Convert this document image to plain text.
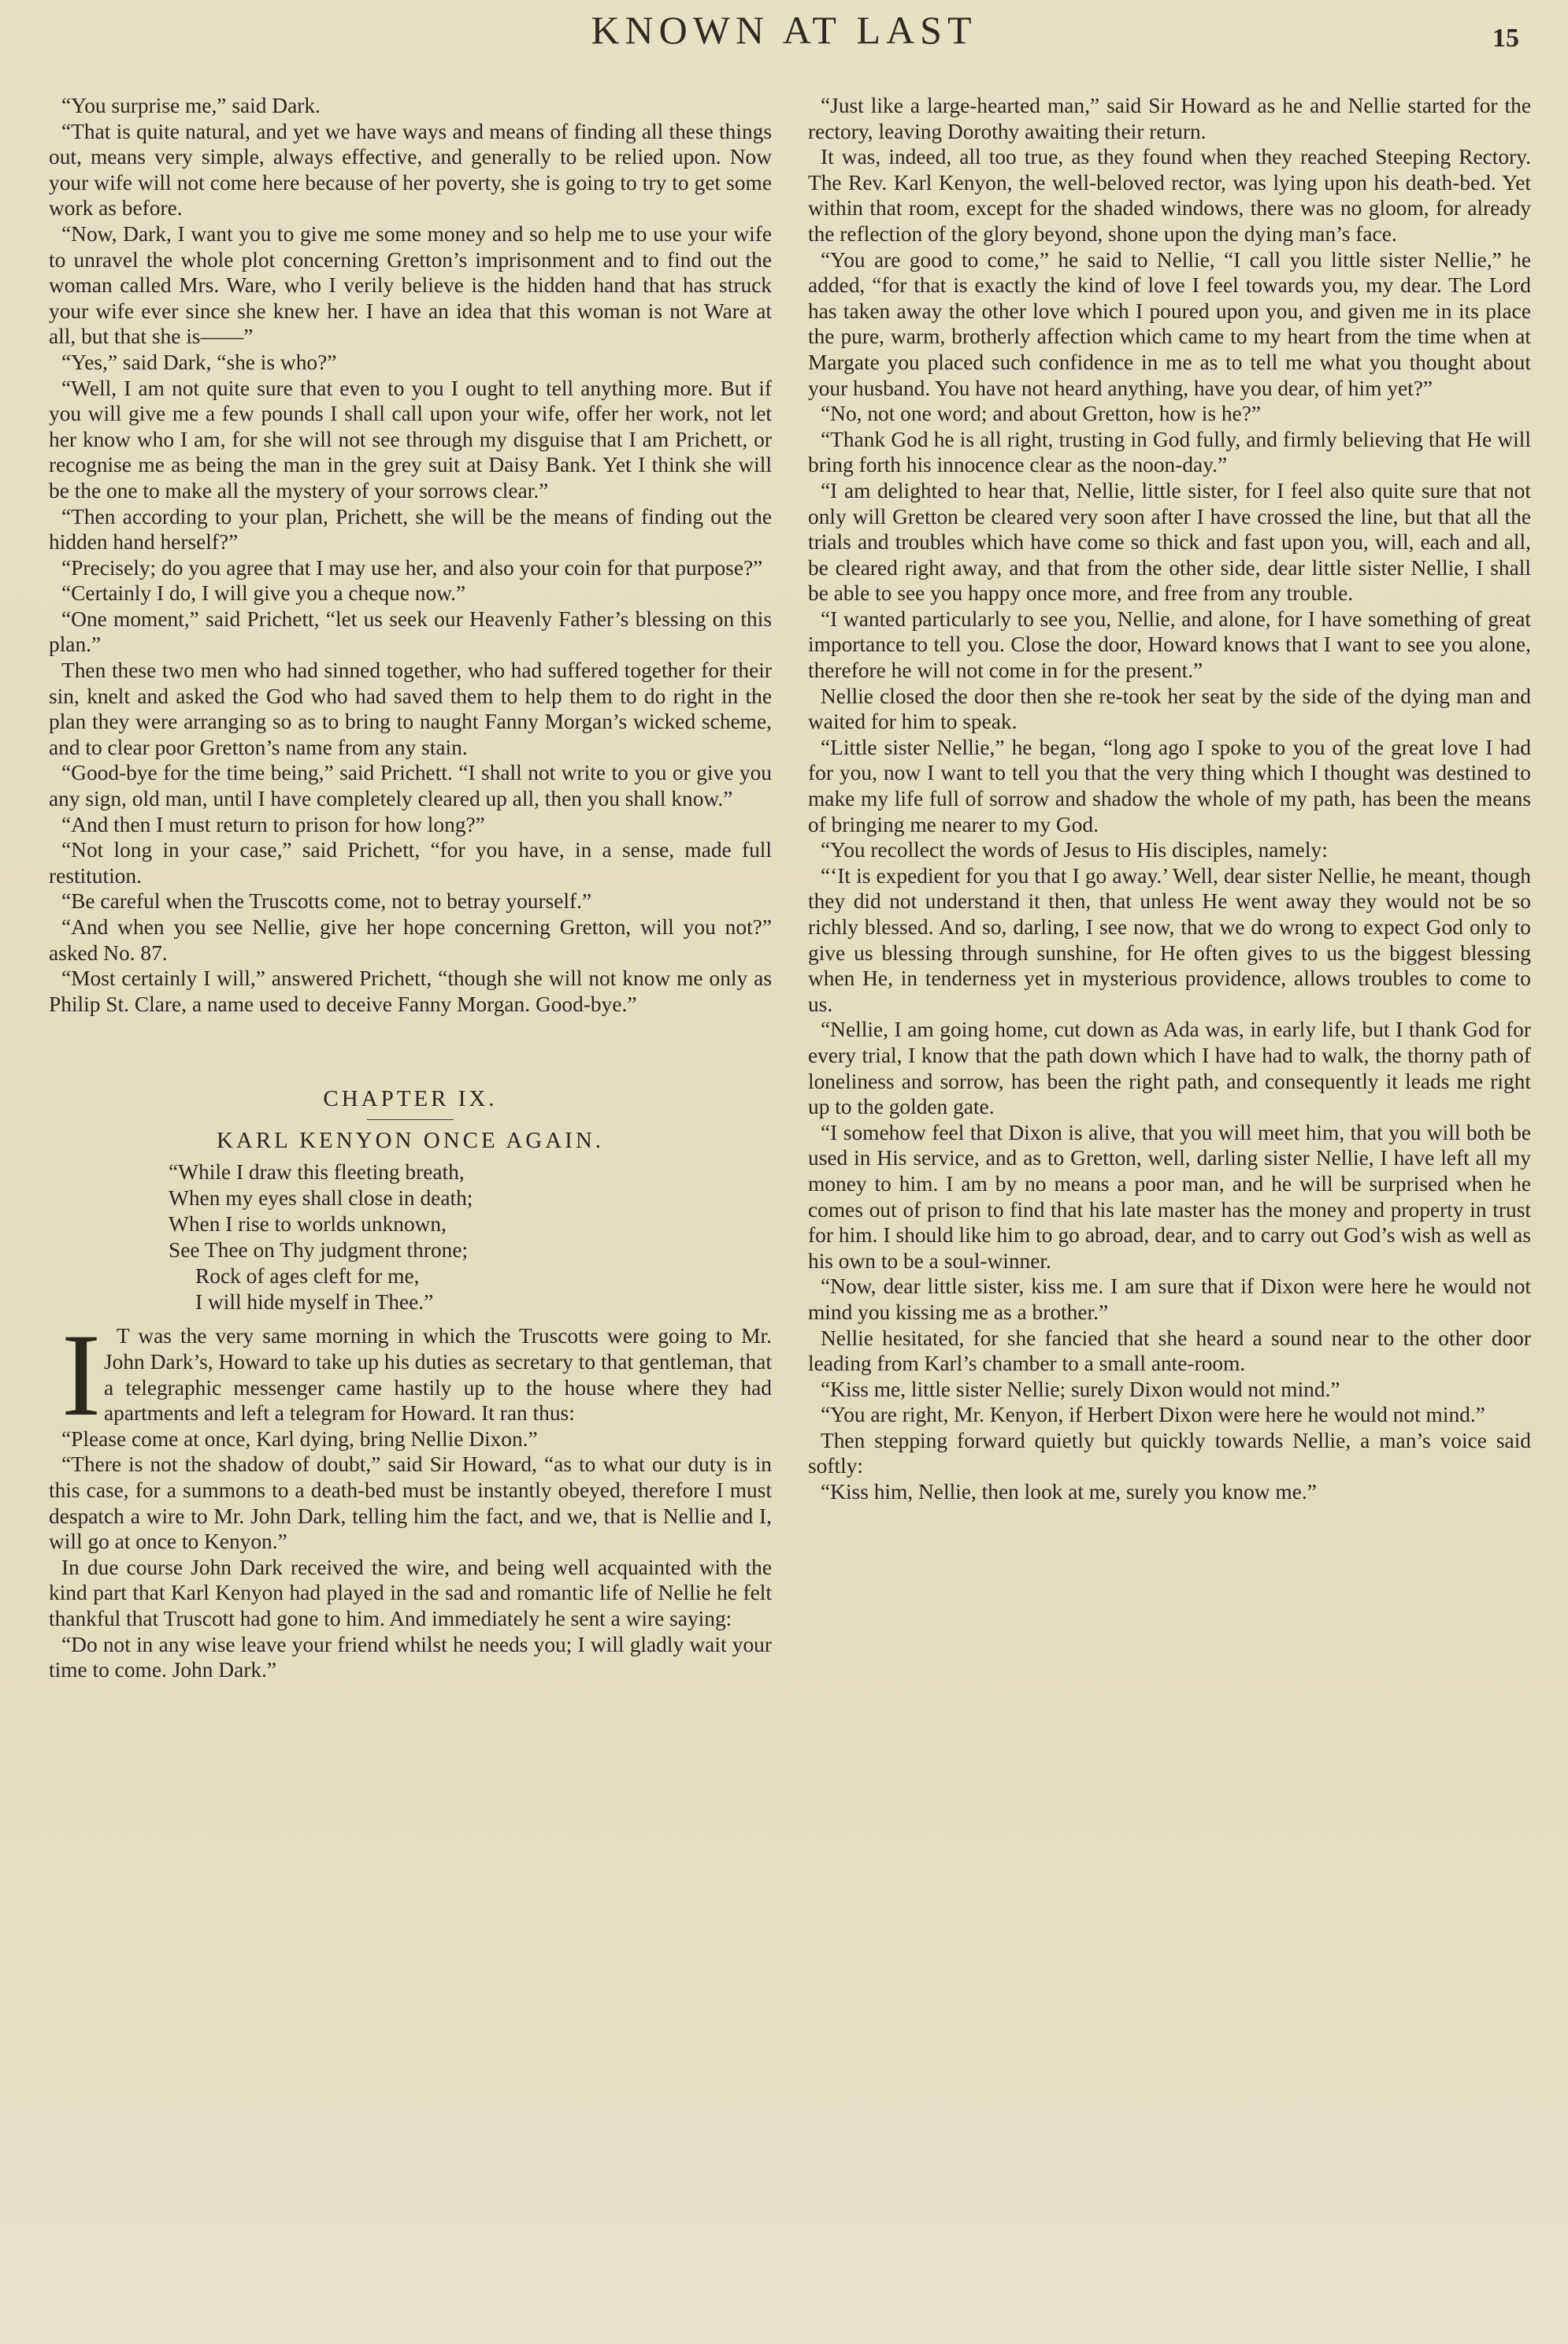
KNOWN AT LAST	15

“You surprise me,” said Dark.

“That is quite natural, and yet we have ways and means of finding all these things out, means very simple, always effective, and generally to be relied upon. Now your wife will not come here because of her poverty, she is going to try to get some work as before.

“Now, Dark, I want you to give me some money and so help me to use your wife to unravel the whole plot concerning Gretton’s imprisonment and to find out the woman called Mrs. Ware, who I verily believe is the hidden hand that has struck your wife ever since she knew her. I have an idea that this woman is not Ware at all, but that she is——”

“Yes,” said Dark, “she is who?”

“Well, I am not quite sure that even to you I ought to tell anything more. But if you will give me a few pounds I shall call upon your wife, offer her work, not let her know who I am, for she will not see through my disguise that I am Prichett, or recognise me as being the man in the grey suit at Daisy Bank. Yet I think she will be the one to make all the mystery of your sorrows clear.”

“Then according to your plan, Prichett, she will be the means of finding out the hidden hand herself?”

“Precisely; do you agree that I may use her, and also your coin for that purpose?”

“Certainly I do, I will give you a cheque now.”

“One moment,” said Prichett, “let us seek our Heavenly Father’s blessing on this plan.”

Then these two men who had sinned together, who had suffered together for their sin, knelt and asked the God who had saved them to help them to do right in the plan they were arranging so as to bring to naught Fanny Morgan’s wicked scheme, and to clear poor Gretton’s name from any stain.

“Good-bye for the time being,” said Prichett. “I shall not write to you or give you any sign, old man, until I have completely cleared up all, then you shall know.”

“And then I must return to prison for how long?”

“Not long in your case,” said Prichett, “for you have, in a sense, made full restitution.

“Be careful when the Truscotts come, not to betray yourself.”

“And when you see Nellie, give her hope concerning Gretton, will you not?” asked No. 87.

“Most certainly I will,” answered Prichett, “though she will not know me only as Philip St. Clare, a name used to deceive Fanny Morgan. Good-bye.”

CHAPTER IX.
KARL KENYON ONCE AGAIN.
“While I draw this fleeting breath,
When my eyes shall close in death;
When I rise to worlds unknown,
See Thee on Thy judgment throne;
Rock of ages cleft for me,
I will hide myself in Thee.”

I T was the very same morning in which the Truscotts were going to Mr. John Dark’s, Howard to take up his duties as secretary to that gentleman, that a telegraphic messenger came hastily up to the house where they had apartments and left a telegram for Howard. It ran thus:

“Please come at once, Karl dying, bring Nellie Dixon.”

“There is not the shadow of doubt,” said Sir Howard, “as to what our duty is in this case, for a summons to a death-bed must be instantly obeyed, therefore I must despatch a wire to Mr. John Dark, telling him the fact, and we, that is Nellie and I, will go at once to Kenyon.”

In due course John Dark received the wire, and being well acquainted with the kind part that Karl Kenyon had played in the sad and romantic life of Nellie he felt thankful that Truscott had gone to him. And immediately he sent a wire saying:

“Do not in any wise leave your friend whilst he needs you; I will gladly wait your time to come. John Dark.”

“Just like a large-hearted man,” said Sir Howard as he and Nellie started for the rectory, leaving Dorothy awaiting their return.

It was, indeed, all too true, as they found when they reached Steeping Rectory. The Rev. Karl Kenyon, the well-beloved rector, was lying upon his death-bed. Yet within that room, except for the shaded windows, there was no gloom, for already the reflection of the glory beyond, shone upon the dying man’s face.

“You are good to come,” he said to Nellie, “I call you little sister Nellie,” he added, “for that is exactly the kind of love I feel towards you, my dear. The Lord has taken away the other love which I poured upon you, and given me in its place the pure, warm, brotherly affection which came to my heart from the time when at Margate you placed such confidence in me as to tell me what you thought about your husband. You have not heard anything, have you dear, of him yet?”

“No, not one word; and about Gretton, how is he?”

“Thank God he is all right, trusting in God fully, and firmly believing that He will bring forth his innocence clear as the noon-day.”

“I am delighted to hear that, Nellie, little sister, for I feel also quite sure that not only will Gretton be cleared very soon after I have crossed the line, but that all the trials and troubles which have come so thick and fast upon you, will, each and all, be cleared right away, and that from the other side, dear little sister Nellie, I shall be able to see you happy once more, and free from any trouble.

“I wanted particularly to see you, Nellie, and alone, for I have something of great importance to tell you. Close the door, Howard knows that I want to see you alone, therefore he will not come in for the present.”

Nellie closed the door then she re-took her seat by the side of the dying man and waited for him to speak.

“Little sister Nellie,” he began, “long ago I spoke to you of the great love I had for you, now I want to tell you that the very thing which I thought was destined to make my life full of sorrow and shadow the whole of my path, has been the means of bringing me nearer to my God.

“You recollect the words of Jesus to His disciples, namely:

“‘It is expedient for you that I go away.’ Well, dear sister Nellie, he meant, though they did not understand it then, that unless He went away they would not be so richly blessed. And so, darling, I see now, that we do wrong to expect God only to give us blessing through sunshine, for He often gives to us the biggest blessing when He, in tenderness yet in mysterious providence, allows troubles to come to us.

“Nellie, I am going home, cut down as Ada was, in early life, but I thank God for every trial, I know that the path down which I have had to walk, the thorny path of loneliness and sorrow, has been the right path, and consequently it leads me right up to the golden gate.

“I somehow feel that Dixon is alive, that you will meet him, that you will both be used in His service, and as to Gretton, well, darling sister Nellie, I have left all my money to him. I am by no means a poor man, and he will be surprised when he comes out of prison to find that his late master has the money and property in trust for him. I should like him to go abroad, dear, and to carry out God’s wish as well as his own to be a soul-winner.

“Now, dear little sister, kiss me. I am sure that if Dixon were here he would not mind you kissing me as a brother.”

Nellie hesitated, for she fancied that she heard a sound near to the other door leading from Karl’s chamber to a small ante-room.

“Kiss me, little sister Nellie; surely Dixon would not mind.”

“You are right, Mr. Kenyon, if Herbert Dixon were here he would not mind.”

Then stepping forward quietly but quickly towards Nellie, a man’s voice said softly:

“Kiss him, Nellie, then look at me, surely you know me.”
